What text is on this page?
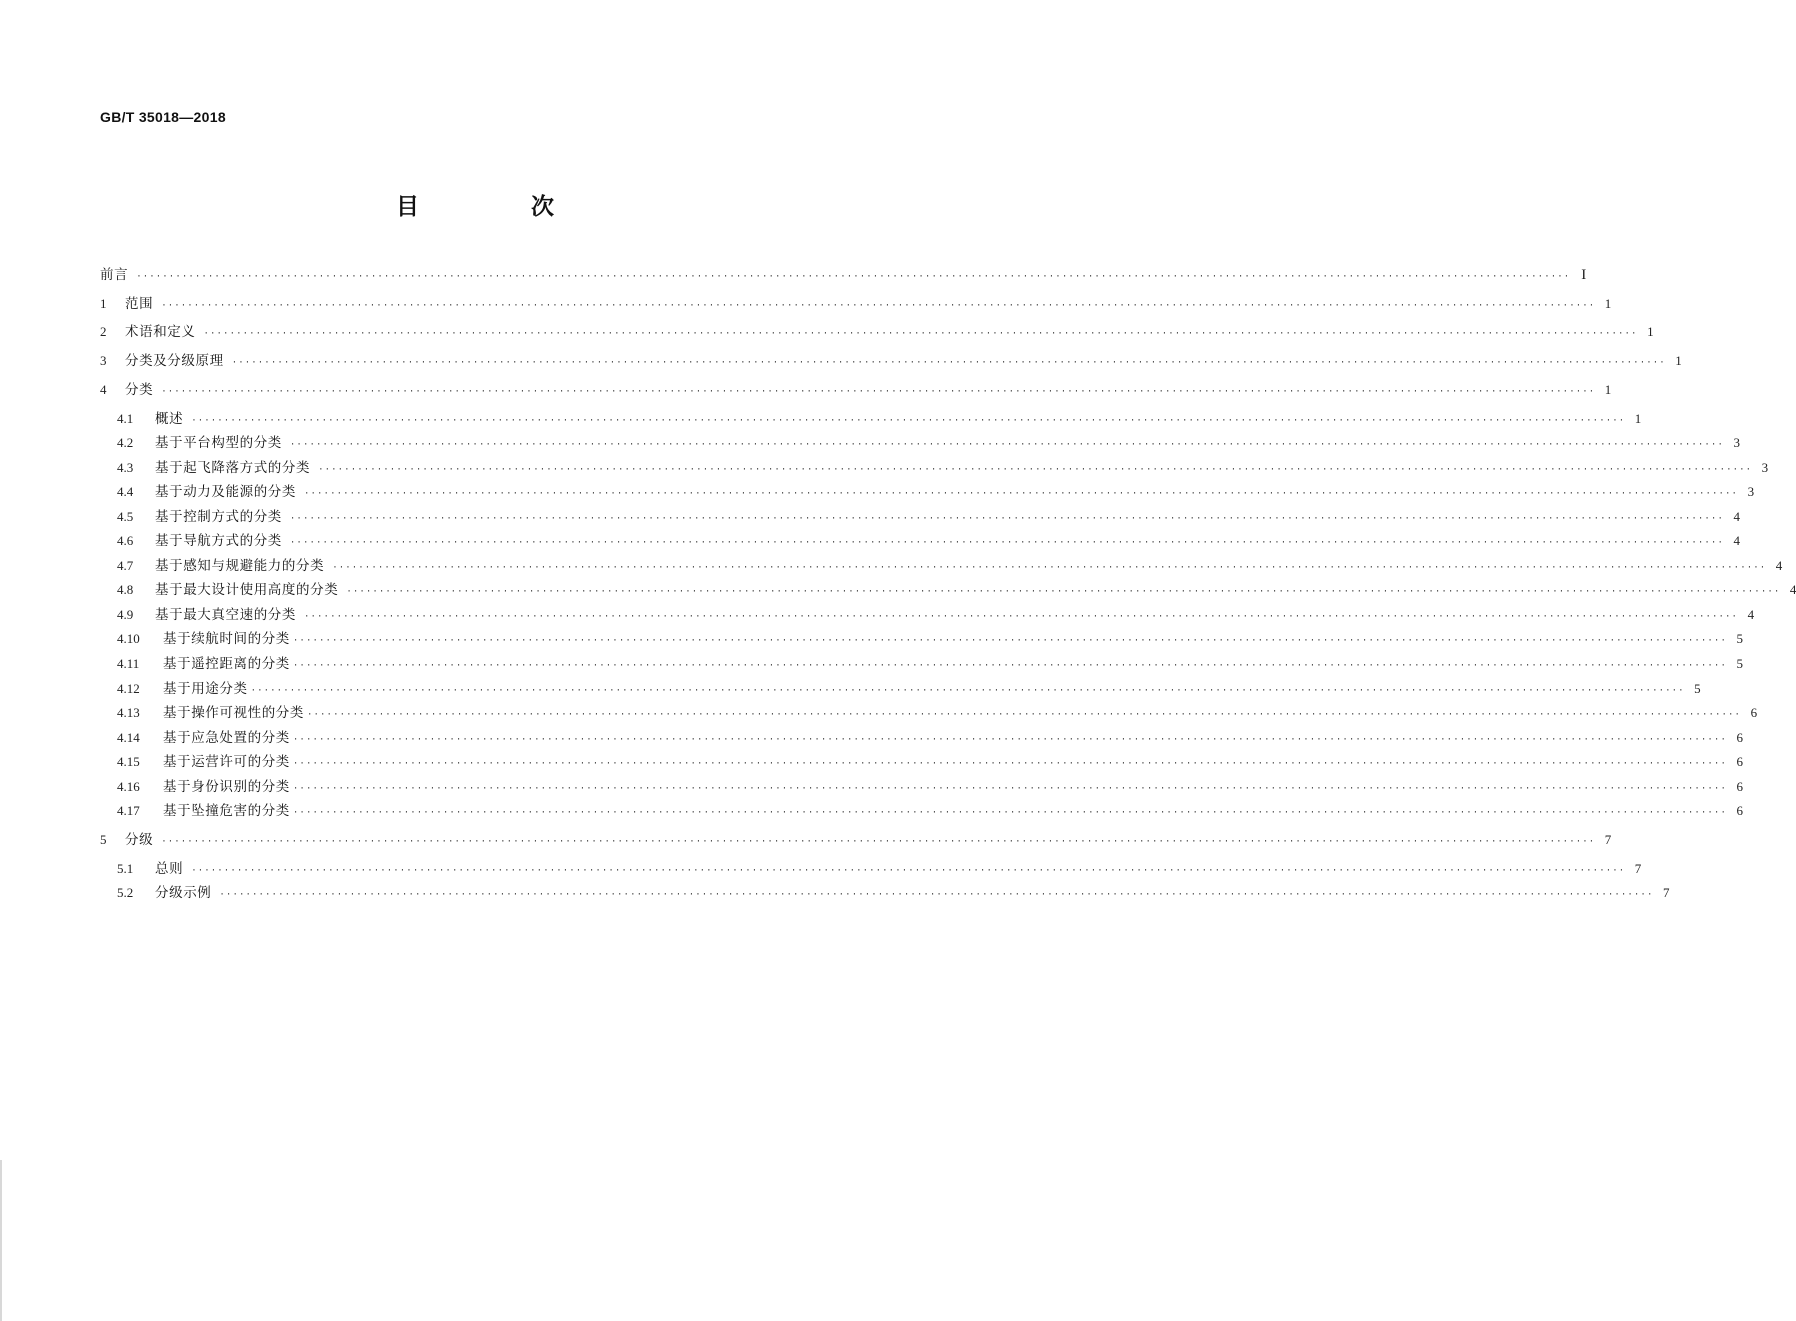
GB/T 35018—2018
目 次
前言 ···························································································································································································································· I
1	范围 ···························································································································································································································· 1
2	术语和定义 ···························································································································································································································· 1
3	分类及分级原理 ···························································································································································································································· 1
4	分类 ···························································································································································································································· 1
4.1	概述 ···························································································································································································································· 1
4.2	基于平台构型的分类 ···························································································································································································································· 3
4.3	基于起飞降落方式的分类 ···························································································································································································································· 3
4.4	基于动力及能源的分类 ···························································································································································································································· 3
4.5	基于控制方式的分类 ···························································································································································································································· 4
4.6	基于导航方式的分类 ···························································································································································································································· 4
4.7	基于感知与规避能力的分类 ···························································································································································································································· 4
4.8	基于最大设计使用高度的分类 ···························································································································································································································· 4
4.9	基于最大真空速的分类 ···························································································································································································································· 4
4.10	基于续航时间的分类 ···························································································································································································································· 5
4.11	基于遥控距离的分类 ···························································································································································································································· 5
4.12	基于用途分类 ···························································································································································································································· 5
4.13	基于操作可视性的分类 ···························································································································································································································· 6
4.14	基于应急处置的分类 ···························································································································································································································· 6
4.15	基于运营许可的分类 ···························································································································································································································· 6
4.16	基于身份识别的分类 ···························································································································································································································· 6
4.17	基于坠撞危害的分类 ···························································································································································································································· 6
5	分级 ···························································································································································································································· 7
5.1	总则 ···························································································································································································································· 7
5.2	分级示例 ···························································································································································································································· 7
